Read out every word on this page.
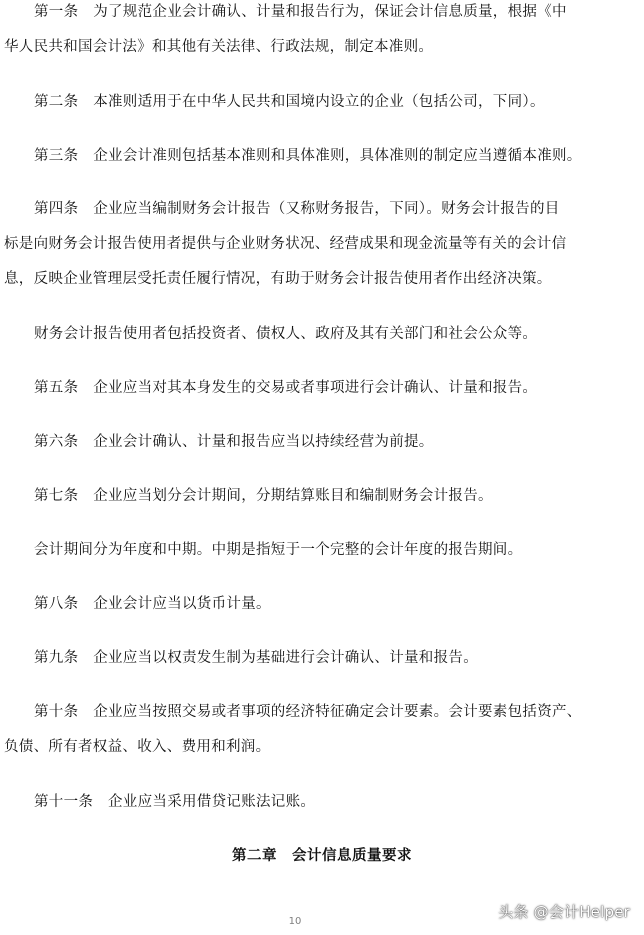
第一条　为了规范企业会计确认、计量和报告行为，保证会计信息质量，根据《中
华人民共和国会计法》和其他有关法律、行政法规，制定本准则。
第二条　本准则适用于在中华人民共和国境内设立的企业（包括公司，下同）。
第三条　企业会计准则包括基本准则和具体准则，具体准则的制定应当遵循本准则。
第四条　企业应当编制财务会计报告（又称财务报告，下同）。财务会计报告的目
标是向财务会计报告使用者提供与企业财务状况、经营成果和现金流量等有关的会计信
息，反映企业管理层受托责任履行情况，有助于财务会计报告使用者作出经济决策。
财务会计报告使用者包括投资者、债权人、政府及其有关部门和社会公众等。
第五条　企业应当对其本身发生的交易或者事项进行会计确认、计量和报告。
第六条　企业会计确认、计量和报告应当以持续经营为前提。
第七条　企业应当划分会计期间，分期结算账目和编制财务会计报告。
会计期间分为年度和中期。中期是指短于一个完整的会计年度的报告期间。
第八条　企业会计应当以货币计量。
第九条　企业应当以权责发生制为基础进行会计确认、计量和报告。
第十条　企业应当按照交易或者事项的经济特征确定会计要素。会计要素包括资产、
负债、所有者权益、收入、费用和利润。
第十一条　企业应当采用借贷记账法记账。
第二章　会计信息质量要求
10
头条 @会计Helper
